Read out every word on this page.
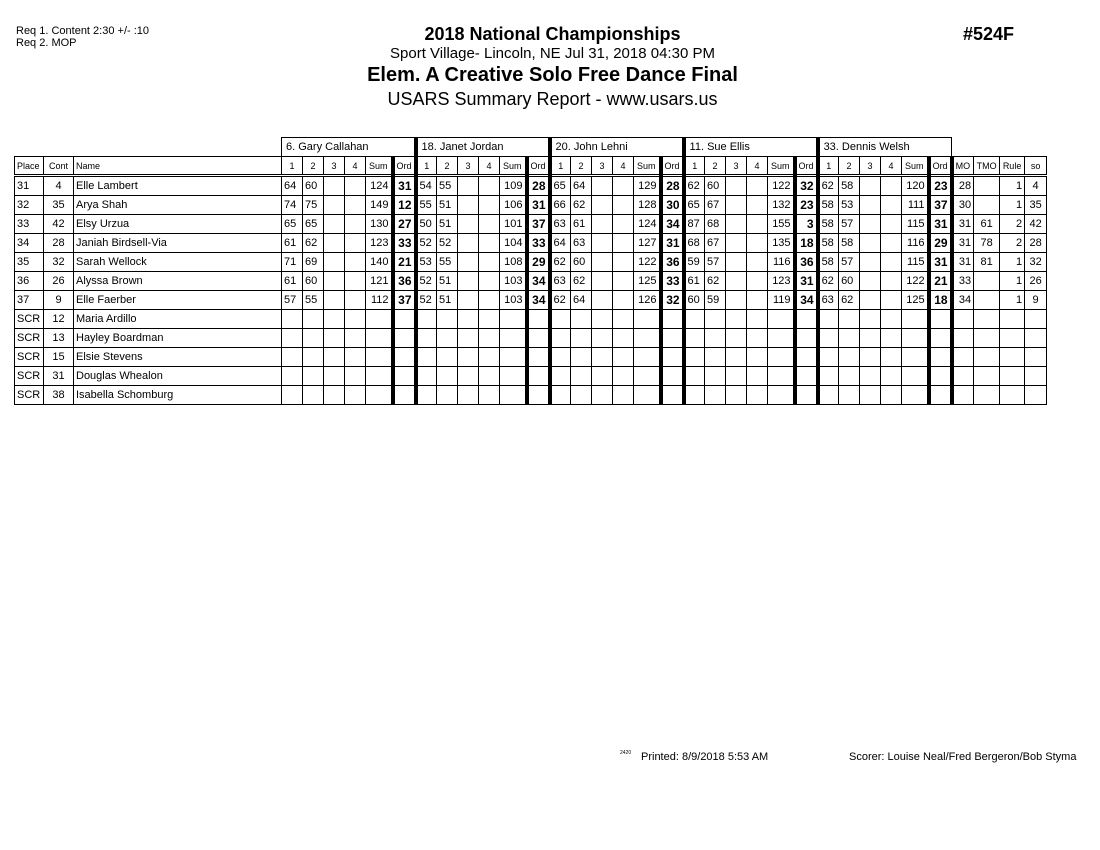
Req 1. Content 2:30 +/- :10
Req 2. MOP	2018 National Championships
Sport Village- Lincoln, NE Jul 31, 2018 04:30 PM
Elem. A Creative Solo Free Dance Final
USARS Summary Report - www.usars.us
#524F
			6. Gary Callahan						18. Janet Jordan						20. John Lehni						11. Sue Ellis						33. Dennis Welsh									
Place	Cont	Name	1	2	3	4	Sum	Ord	1	2	3	4	Sum	Ord	1	2	3	4	Sum	Ord	1	2	3	4	Sum	Ord	1	2	3	4	Sum	Ord	MO	TMO	Rule	so
31	4	Elle Lambert	64	60			124	31	54	55			109	28	65	64			129	28	62	60			122	32	62	58			120	23	28		1	4
32	35	Arya Shah	74	75			149	12	55	51			106	31	66	62			128	30	65	67			132	23	58	53			111	37	30		1	35
33	42	Elsy Urzua	65	65			130	27	50	51			101	37	63	61			124	34	87	68			155	3	58	57			115	31	31	61	2	42
34	28	Janiah Birdsell-Via	61	62			123	33	52	52			104	33	64	63			127	31	68	67			135	18	58	58			116	29	31	78	2	28
35	32	Sarah Wellock	71	69			140	21	53	55			108	29	62	60			122	36	59	57			116	36	58	57			115	31	31	81	1	32
36	26	Alyssa Brown	61	60			121	36	52	51			103	34	63	62			125	33	61	62			123	31	62	60			122	21	33		1	26
37	9	Elle Faerber	57	55			112	37	52	51			103	34	62	64			126	32	60	59			119	34	63	62			125	18	34		1	9
SCR	12	Maria Ardillo																																		
SCR	13	Hayley Boardman																																		
SCR	15	Elsie Stevens																																		
SCR	31	Douglas Whealon																																		
SCR	38	Isabella Schomburg																																		
2420 Printed: 8/9/2018 5:53 AM	Scorer: Louise Neal/Fred Bergeron/Bob Styma
